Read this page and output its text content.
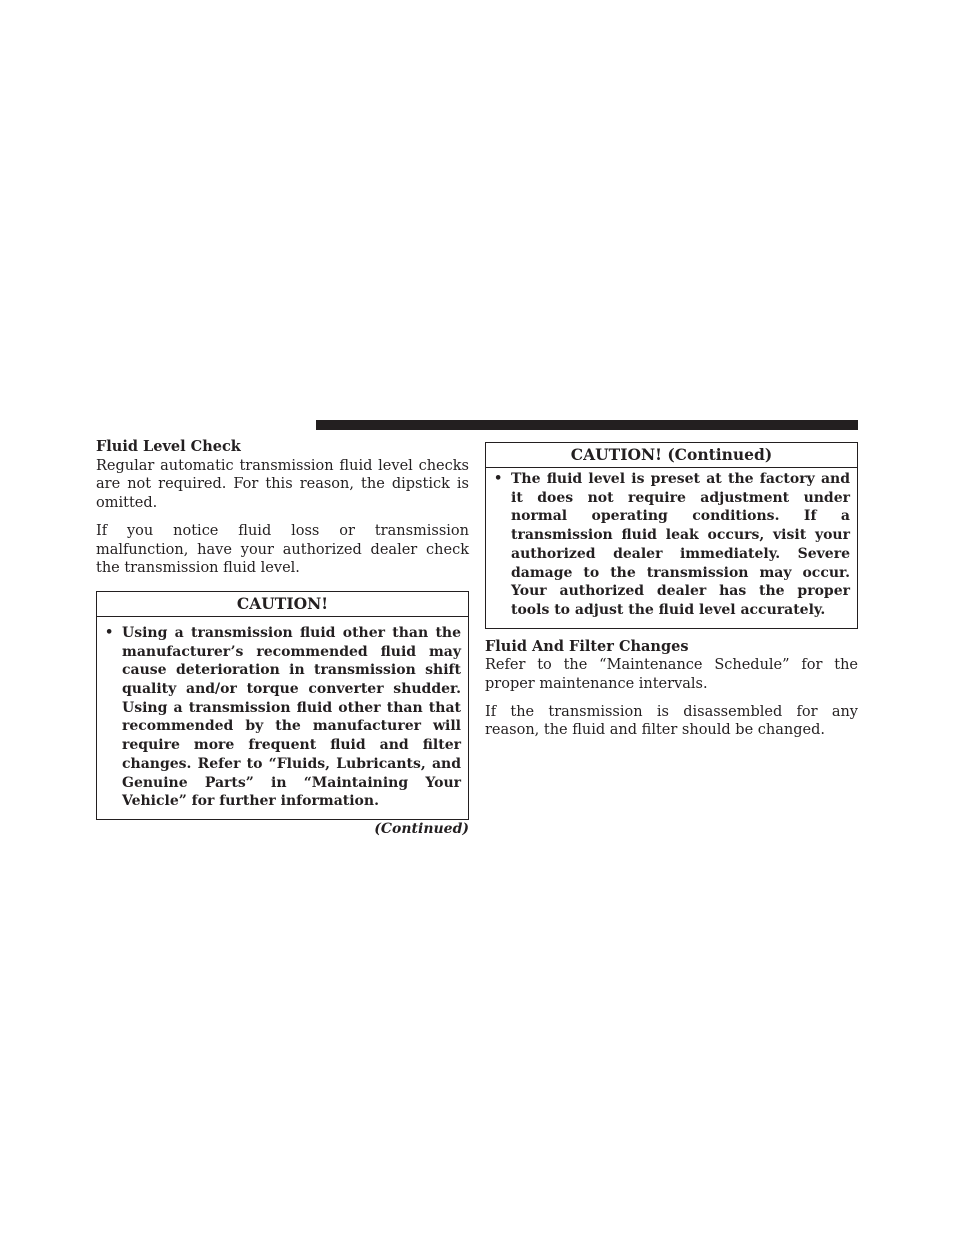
Fluid Level Check

Regular automatic transmission fluid level checks are not required. For this reason, the dipstick is omitted.

If you notice fluid loss or transmission malfunction, have your authorized dealer check the transmission fluid level.

CAUTION!
• Using a transmission fluid other than the manufacturer’s recommended fluid may cause deterioration in transmission shift quality and/or torque converter shudder. Using a transmission fluid other than that recommended by the manufacturer will require more frequent fluid and filter changes. Refer to “Fluids, Lubricants, and Genuine Parts” in “Maintaining Your Vehicle” for further information.
(Continued)
CAUTION! (Continued)
• The fluid level is preset at the factory and it does not require adjustment under normal operating conditions. If a transmission fluid leak occurs, visit your authorized dealer immediately. Severe damage to the transmission may occur. Your authorized dealer has the proper tools to adjust the fluid level accurately.

Fluid And Filter Changes

Refer to the “Maintenance Schedule” for the proper maintenance intervals.

If the transmission is disassembled for any reason, the fluid and filter should be changed.
